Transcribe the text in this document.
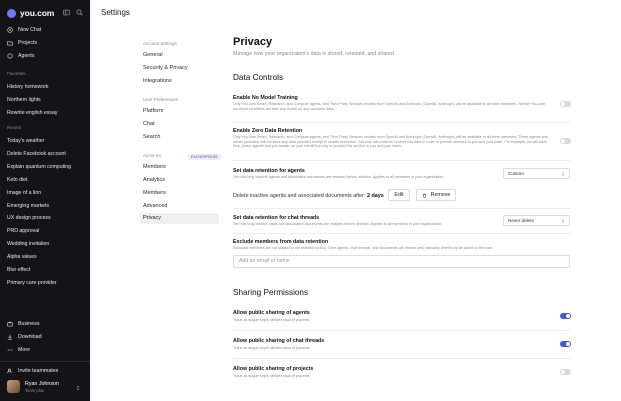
you.com
New Chat
Projects
Agents
Favorites
History homework
Northern lights
Rewrite english essay
Recent
Today's weather
Delete Facebook account
Explain quantum computing
Keto diet
Image of a lion
Emerging markets
UX design process
PRD approval
Wedding invitation
Alpha values
Blur effect
Primary care provider
Business
Download
More
Invite teammates
Ryan Johnson
Team plan
Settings
Account Settings
General
Security & Privacy
Integrations
User Preferences
Platform
Chat
Search
Acme Inc	ENTERPRISE
Members
Analytics
Members
Advanced
Privacy
Privacy
Manage how your organization's data is stored, retained, and shared.
Data Controls
Enable No Model Training
Only You.com Smart, Research, and Compute agents, and Third Party Services models from OpenAI and Anthropic (OpenAI, Anthropic) will be available to all team members. Neither You.com nor these providers will train any model on any customer data.
Enable Zero Data Retention
Only You.com Smart, Research, and Compute agents, and Third Party Services models from OpenAI and Anthropic (OpenAI, Anthropic) will be available to all team members. These agents and model providers will not store any data provided except in certain scenarios. You.com will continue to store this data in order to provide services to you and your team. For example, we will store files, chats, agents that you create, on your behalf but only to provide this service to you and your team.
Set data retention for agents
Set how long inactive agents and associated documents are retained before deletion. Applies to all members in your organization.
Custom
Delete inactive agents and associated documents after: 2 days Edit	Remove
Set data retention for chat threads
Set how long inactive chats and associated documents are retained before deletion. Applies to all members in your organization.
Never delete
Exclude members from data retention
Excluded members are not subject to the retention policy. Their agents, chat threads, and documents will remain until manually deleted by an admin or the user.
Add an email or name
Sharing Permissions
Allow public sharing of agents
Tellus ac augue turpis ultricies risus et placerat.
Allow public sharing of chat threads
Tellus ac augue turpis ultricies risus et placerat.
Allow public sharing of projects
Tellus ac augue turpis ultricies risus et placerat.
